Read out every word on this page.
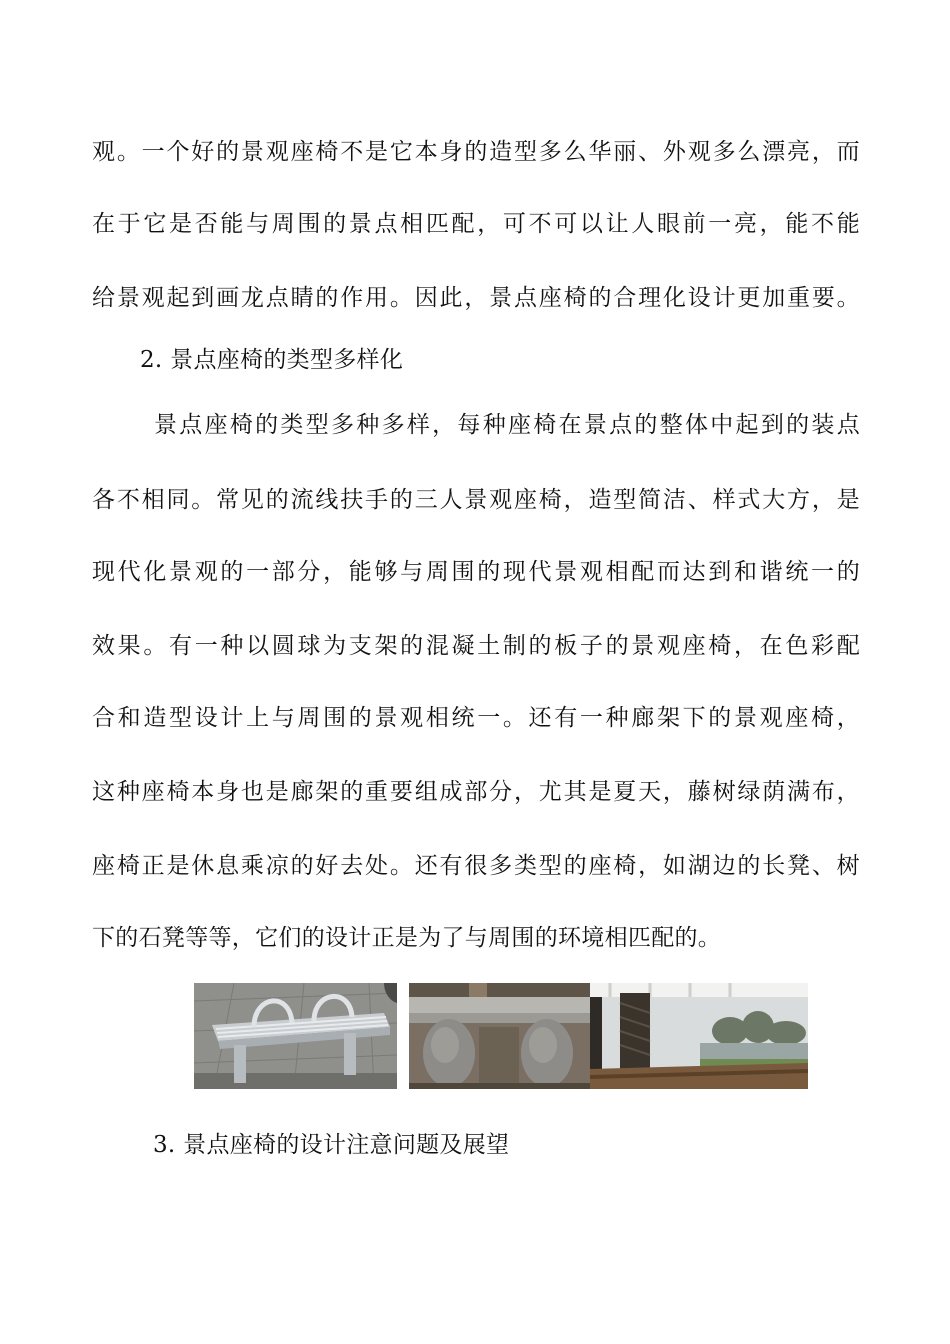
观。一个好的景观座椅不是它本身的造型多么华丽、外观多么漂亮，而
在于它是否能与周围的景点相匹配，可不可以让人眼前一亮，能不能
给景观起到画龙点睛的作用。因此，景点座椅的合理化设计更加重要。
2. 景点座椅的类型多样化
景点座椅的类型多种多样，每种座椅在景点的整体中起到的装点
各不相同。常见的流线扶手的三人景观座椅，造型简洁、样式大方，是
现代化景观的一部分，能够与周围的现代景观相配而达到和谐统一的
效果。有一种以圆球为支架的混凝土制的板子的景观座椅，在色彩配
合和造型设计上与周围的景观相统一。还有一种廊架下的景观座椅，
这种座椅本身也是廊架的重要组成部分，尤其是夏天，藤树绿荫满布，
座椅正是休息乘凉的好去处。还有很多类型的座椅，如湖边的长凳、树
下的石凳等等，它们的设计正是为了与周围的环境相匹配的。
3. 景点座椅的设计注意问题及展望
